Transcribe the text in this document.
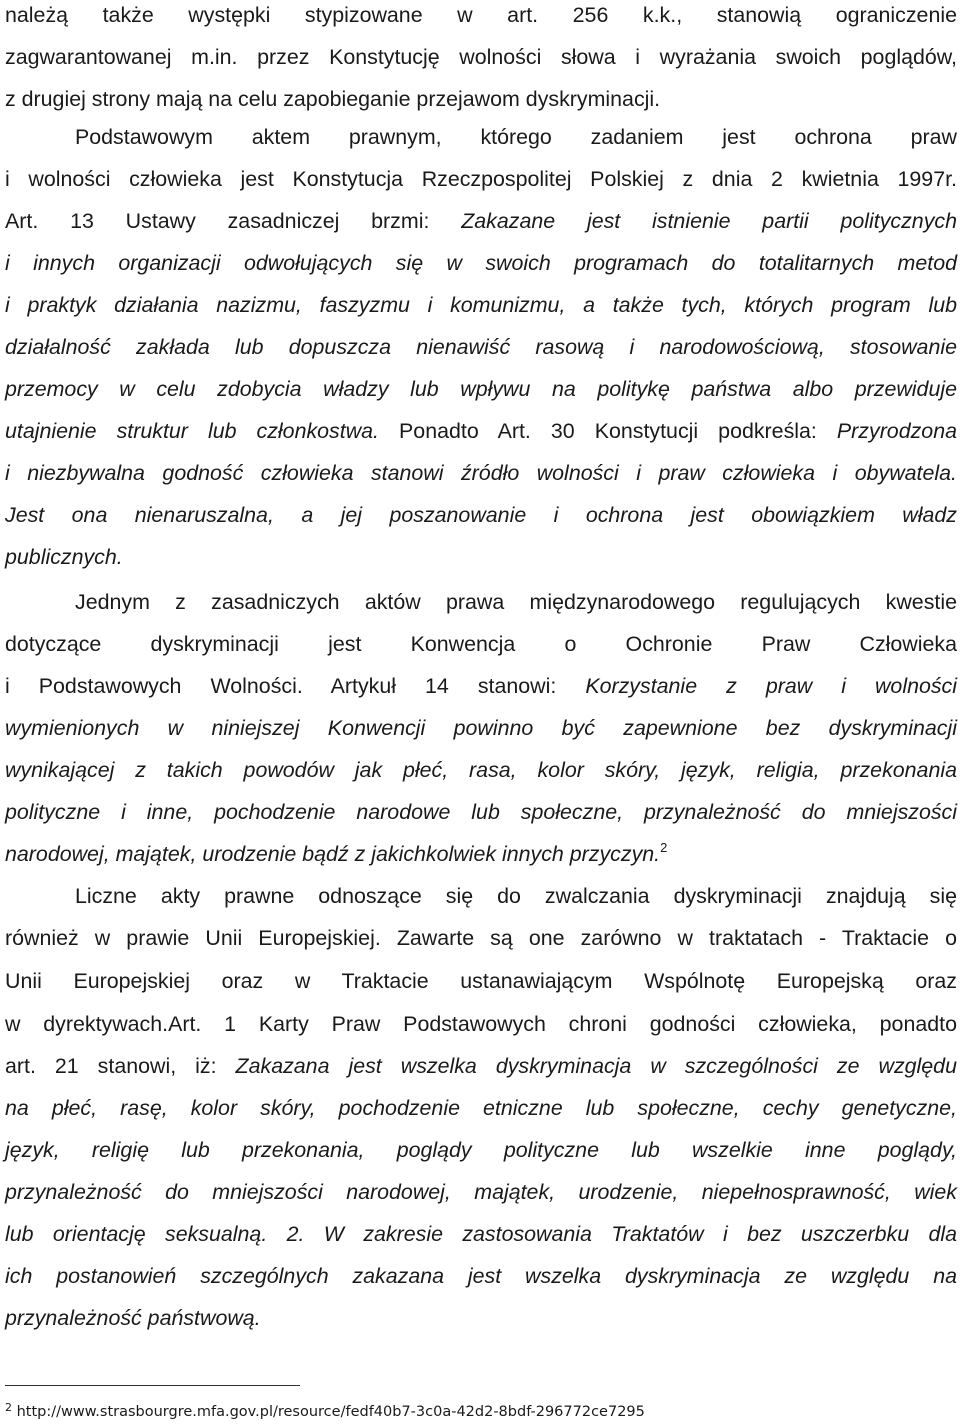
należą także występki stypizowane w art. 256 k.k., stanowią ograniczenie
zagwarantowanej m.in. przez Konstytucję wolności słowa i wyrażania swoich poglądów,
z drugiej strony mają na celu zapobieganie przejawom dyskryminacji.
Podstawowym aktem prawnym, którego zadaniem jest ochrona praw
i wolności człowieka jest Konstytucja Rzeczpospolitej Polskiej z dnia 2 kwietnia 1997r.
Art. 13 Ustawy zasadniczej brzmi: Zakazane jest istnienie partii politycznych
i innych organizacji odwołujących się w swoich programach do totalitarnych metod
i praktyk działania nazizmu, faszyzmu i komunizmu, a także tych, których program lub
działalność zakłada lub dopuszcza nienawiść rasową i narodowościową, stosowanie
przemocy w celu zdobycia władzy lub wpływu na politykę państwa albo przewiduje
utajnienie struktur lub członkostwa. Ponadto Art. 30 Konstytucji podkreśla: Przyrodzona
i niezbywalna godność człowieka stanowi źródło wolności i praw człowieka i obywatela.
Jest ona nienaruszalna, a jej poszanowanie i ochrona jest obowiązkiem władz
publicznych.
Jednym z zasadniczych aktów prawa międzynarodowego regulujących kwestie
dotyczące dyskryminacji jest Konwencja o Ochronie Praw Człowieka
i Podstawowych Wolności. Artykuł 14 stanowi: Korzystanie z praw i wolności
wymienionych w niniejszej Konwencji powinno być zapewnione bez dyskryminacji
wynikającej z takich powodów jak płeć, rasa, kolor skóry, język, religia, przekonania
polityczne i inne, pochodzenie narodowe lub społeczne, przynależność do mniejszości
narodowej, majątek, urodzenie bądź z jakichkolwiek innych przyczyn.$^2$
Liczne akty prawne odnoszące się do zwalczania dyskryminacji znajdują się
również w prawie Unii Europejskiej. Zawarte są one zarówno w traktatach - Traktacie o
Unii Europejskiej oraz w Traktacie ustanawiającym Wspólnotę Europejską oraz
w dyrektywach.Art. 1 Karty Praw Podstawowych chroni godności człowieka, ponadto
art. 21 stanowi, iż: Zakazana jest wszelka dyskryminacja w szczególności ze względu
na płeć, rasę, kolor skóry, pochodzenie etniczne lub społeczne, cechy genetyczne,
język, religię lub przekonania, poglądy polityczne lub wszelkie inne poglądy,
przynależność do mniejszości narodowej, majątek, urodzenie, niepełnosprawność, wiek
lub orientację seksualną. 2. W zakresie zastosowania Traktatów i bez uszczerbku dla
ich postanowień szczególnych zakazana jest wszelka dyskryminacja ze względu na
przynależność państwową.
$^2$ http://www.strasbourgre.mfa.gov.pl/resource/fedf40b7-3c0a-42d2-8bdf-296772ce7295
